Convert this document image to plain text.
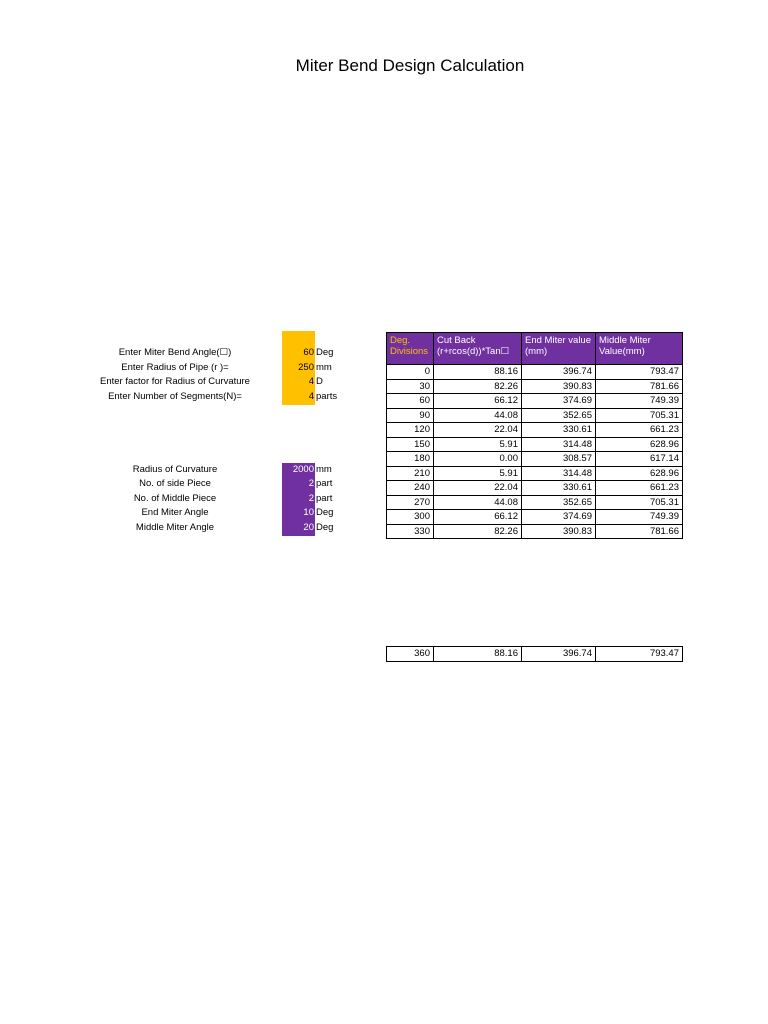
Miter Bend Design Calculation
Enter Miter Bend Angle(☐)	60 Deg
Enter Radius of Pipe (r )=	250 mm
Enter factor for Radius of Curvature	4 D
Enter Number of Segments(N)=	4 parts
Radius of Curvature	2000 mm
No. of side Piece	2 part
No. of Middle Piece	2 part
End Miter Angle	10 Deg
Middle Miter Angle	20 Deg
Deg. Divisions	Cut Back (r+rcos(d))*Tan☐	End Miter value (mm)	Middle Miter Value(mm)
0	88.16	396.74	793.47
30	82.26	390.83	781.66
60	66.12	374.69	749.39
90	44.08	352.65	705.31
120	22.04	330.61	661.23
150	5.91	314.48	628.96
180	0.00	308.57	617.14
210	5.91	314.48	628.96
240	22.04	330.61	661.23
270	44.08	352.65	705.31
300	66.12	374.69	749.39
330	82.26	390.83	781.66
360	88.16	396.74	793.47
